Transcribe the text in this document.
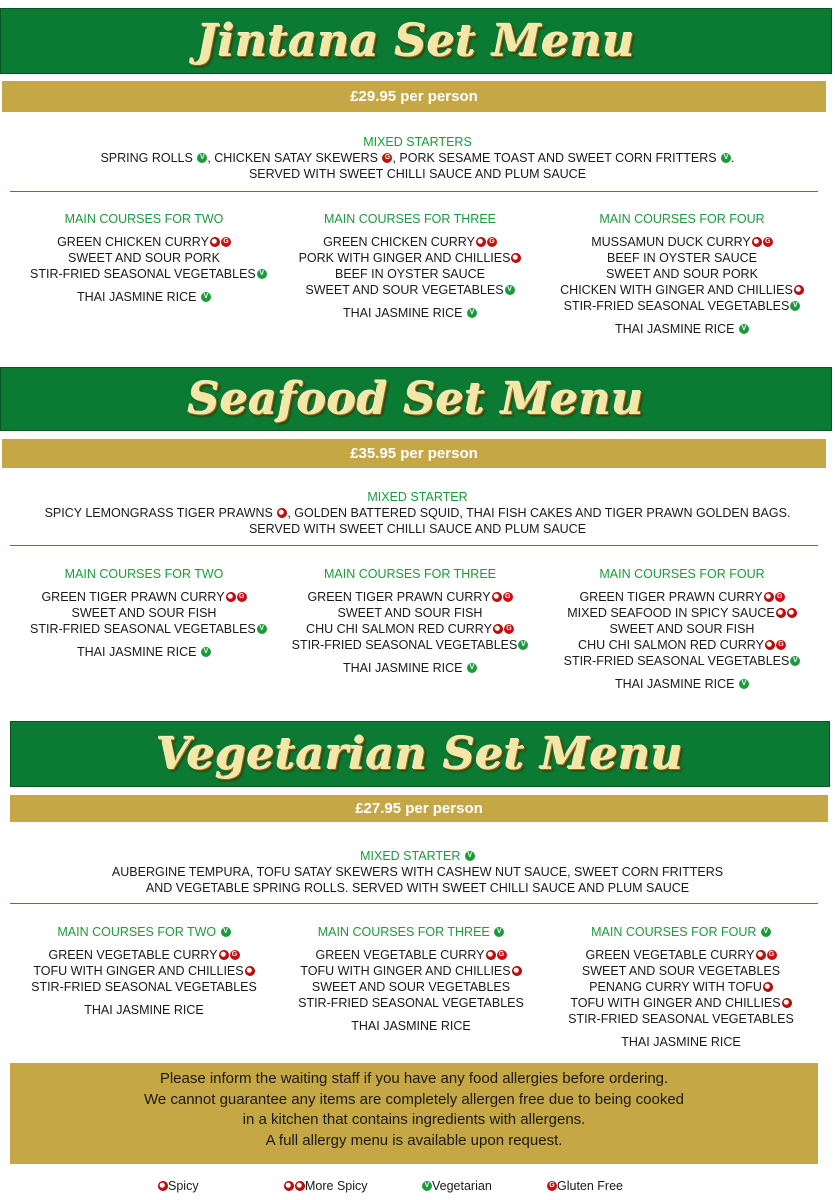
Jintana Set Menu
£29.95 per person
MIXED STARTERS
SPRING ROLLS V, CHICKEN SATAY SKEWERS G, PORK SESAME TOAST AND SWEET CORN FRITTERS V.
SERVED WITH SWEET CHILLI SAUCE AND PLUM SAUCE
MAIN COURSES FOR TWO
GREEN CHICKEN CURRYG
SWEET AND SOUR PORK
STIR-FRIED SEASONAL VEGETABLESV
THAI JASMINE RICE V
MAIN COURSES FOR THREE
GREEN CHICKEN CURRYG
PORK WITH GINGER AND CHILLIES
BEEF IN OYSTER SAUCE
SWEET AND SOUR VEGETABLESV
THAI JASMINE RICE V
MAIN COURSES FOR FOUR
MUSSAMUN DUCK CURRYG
BEEF IN OYSTER SAUCE
SWEET AND SOUR PORK
CHICKEN WITH GINGER AND CHILLIES
STIR-FRIED SEASONAL VEGETABLESV
THAI JASMINE RICE V
Seafood Set Menu
£35.95 per person
MIXED STARTER
SPICY LEMONGRASS TIGER PRAWNS , GOLDEN BATTERED SQUID, THAI FISH CAKES AND TIGER PRAWN GOLDEN BAGS.
SERVED WITH SWEET CHILLI SAUCE AND PLUM SAUCE
MAIN COURSES FOR TWO
GREEN TIGER PRAWN CURRYG
SWEET AND SOUR FISH
STIR-FRIED SEASONAL VEGETABLESV
THAI JASMINE RICE V
MAIN COURSES FOR THREE
GREEN TIGER PRAWN CURRYG
SWEET AND SOUR FISH
CHU CHI SALMON RED CURRYG
STIR-FRIED SEASONAL VEGETABLESV
THAI JASMINE RICE V
MAIN COURSES FOR FOUR
GREEN TIGER PRAWN CURRYG
MIXED SEAFOOD IN SPICY SAUCE
SWEET AND SOUR FISH
CHU CHI SALMON RED CURRYG
STIR-FRIED SEASONAL VEGETABLESV
THAI JASMINE RICE V
Vegetarian Set Menu
£27.95 per person
MIXED STARTER V
AUBERGINE TEMPURA, TOFU SATAY SKEWERS WITH CASHEW NUT SAUCE, SWEET CORN FRITTERS
AND VEGETABLE SPRING ROLLS. SERVED WITH SWEET CHILLI SAUCE AND PLUM SAUCE
MAIN COURSES FOR TWO V
GREEN VEGETABLE CURRYG
TOFU WITH GINGER AND CHILLIES
STIR-FRIED SEASONAL VEGETABLES
THAI JASMINE RICE
MAIN COURSES FOR THREE V
GREEN VEGETABLE CURRYG
TOFU WITH GINGER AND CHILLIES
SWEET AND SOUR VEGETABLES
STIR-FRIED SEASONAL VEGETABLES
THAI JASMINE RICE
MAIN COURSES FOR FOUR V
GREEN VEGETABLE CURRYG
SWEET AND SOUR VEGETABLES
PENANG CURRY WITH TOFU
TOFU WITH GINGER AND CHILLIES
STIR-FRIED SEASONAL VEGETABLES
THAI JASMINE RICE
Please inform the waiting staff if you have any food allergies before ordering.
We cannot guarantee any items are completely allergen free due to being cooked
in a kitchen that contains ingredients with allergens.
A full allergy menu is available upon request.
Spicy	More Spicy V	Vegetarian G	Gluten Free
